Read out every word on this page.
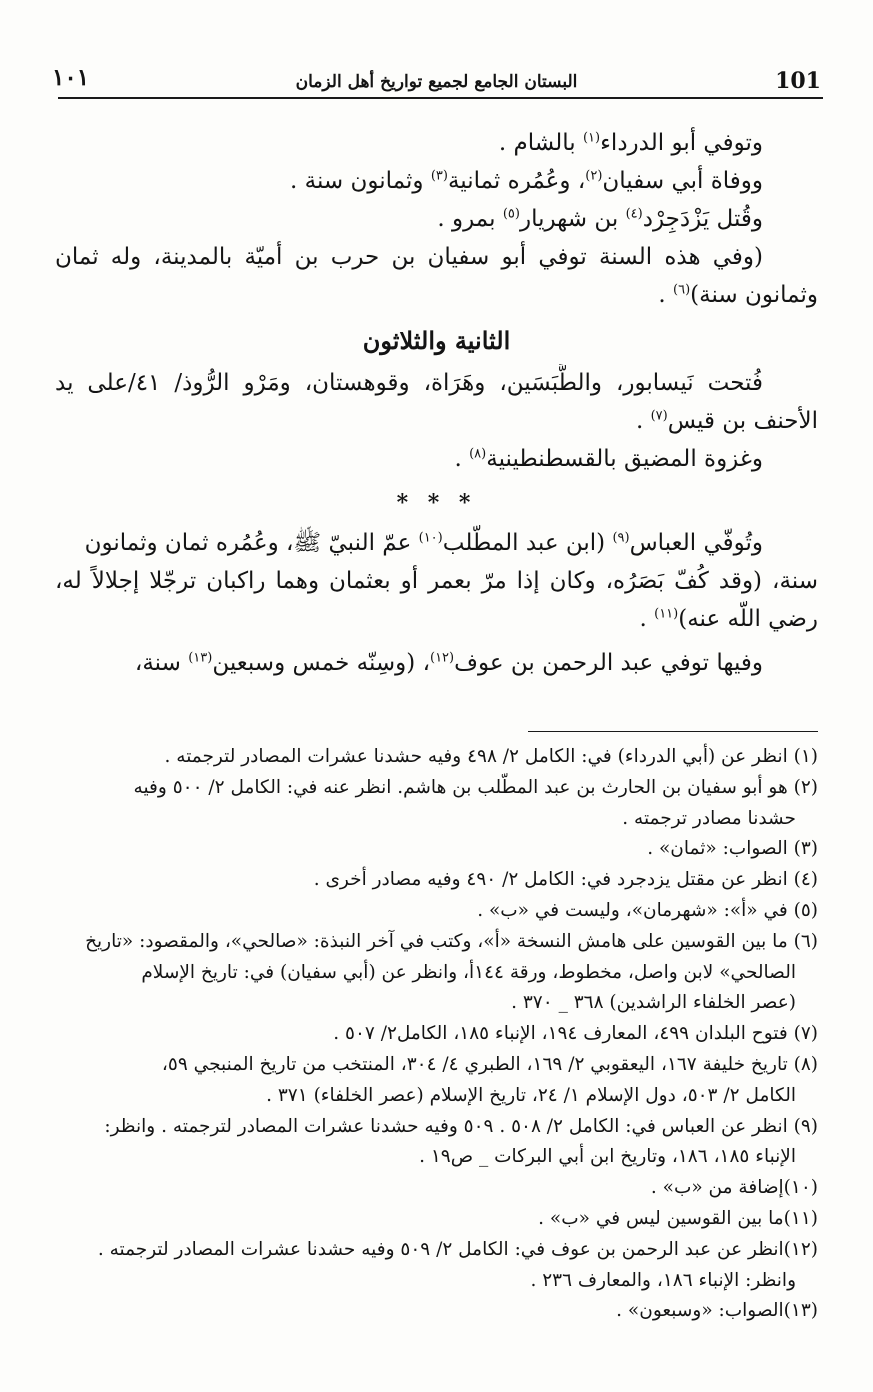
101
البستان الجامع لجميع تواريخ أهل الزمان
١٠١
وتوفي أبو الدرداء$^{(١)}$ بالشام .
ووفاة أبي سفيان$^{(٢)}$، وعُمُره ثمانية$^{(٣)}$ وثمانون سنة .
وقُتل يَزْدَجِرْد$^{(٤)}$ بن شهريار$^{(٥)}$ بمرو .
(وفي هذه السنة توفي أبو سفيان بن حرب بن أميّة بالمدينة، وله ثمان
وثمانون سنة)$^{(٦)}$ .
الثانية والثلاثون
فُتحت نَيسابور، والطَّبَسَين، وهَرَاة، وقوهستان، ومَرْو الرُّوذ/ ٤١/على يد
الأحنف بن قيس$^{(٧)}$ .
وغزوة المضيق بالقسطنطينية$^{(٨)}$ .
* * *
وتُوفّي العباس$^{(٩)}$ (ابن عبد المطّلب$^{(١٠)}$ عمّ النبيّ ﷺ، وعُمُره ثمان وثمانون
سنة، (وقد كُفّ بَصَرُه، وكان إذا مرّ بعمر أو بعثمان وهما راكبان ترجّلا إجلالاً له،
رضي اللّه عنه)$^{(١١)}$ .
وفيها توفي عبد الرحمن بن عوف$^{(١٢)}$، (وسِنّه خمس وسبعين$^{(١٣)}$ سنة،
(١) انظر عن (أبي الدرداء) في: الكامل ٢/ ٤٩٨ وفيه حشدنا عشرات المصادر لترجمته .
(٢) هو أبو سفيان بن الحارث بن عبد المطّلب بن هاشم. انظر عنه في: الكامل ٢/ ٥٠٠ وفيه
حشدنا مصادر ترجمته .
(٣) الصواب: «ثمان» .
(٤) انظر عن مقتل يزدجرد في: الكامل ٢/ ٤٩٠ وفيه مصادر أخرى .
(٥) في «أ»: «شهرمان»، وليست في «ب» .
(٦) ما بين القوسين على هامش النسخة «أ»، وكتب في آخر النبذة: «صالحي»، والمقصود: «تاريخ
الصالحي» لابن واصل، مخطوط، ورقة ١٤٤أ، وانظر عن (أبي سفيان) في: تاريخ الإسلام
(عصر الخلفاء الراشدين) ٣٦٨ _ ٣٧٠ .
(٧) فتوح البلدان ٤٩٩، المعارف ١٩٤، الإنباء ١٨٥، الكامل٢/ ٥٠٧ .
(٨) تاريخ خليفة ١٦٧، اليعقوبي ٢/ ١٦٩، الطبري ٤/ ٣٠٤، المنتخب من تاريخ المنبجي ٥٩،
الكامل ٢/ ٥٠٣، دول الإسلام ١/ ٢٤، تاريخ الإسلام (عصر الخلفاء) ٣٧١ .
(٩) انظر عن العباس في: الكامل ٢/ ٥٠٨ . ٥٠٩ وفيه حشدنا عشرات المصادر لترجمته . وانظر:
الإنباء ١٨٥، ١٨٦، وتاريخ ابن أبي البركات _ ص١٩ .
(١٠)إضافة من «ب» .
(١١)ما بين القوسين ليس في «ب» .
(١٢)انظر عن عبد الرحمن بن عوف في: الكامل ٢/ ٥٠٩ وفيه حشدنا عشرات المصادر لترجمته .
وانظر: الإنباء ١٨٦، والمعارف ٢٣٦ .
(١٣)الصواب: «وسبعون» .
